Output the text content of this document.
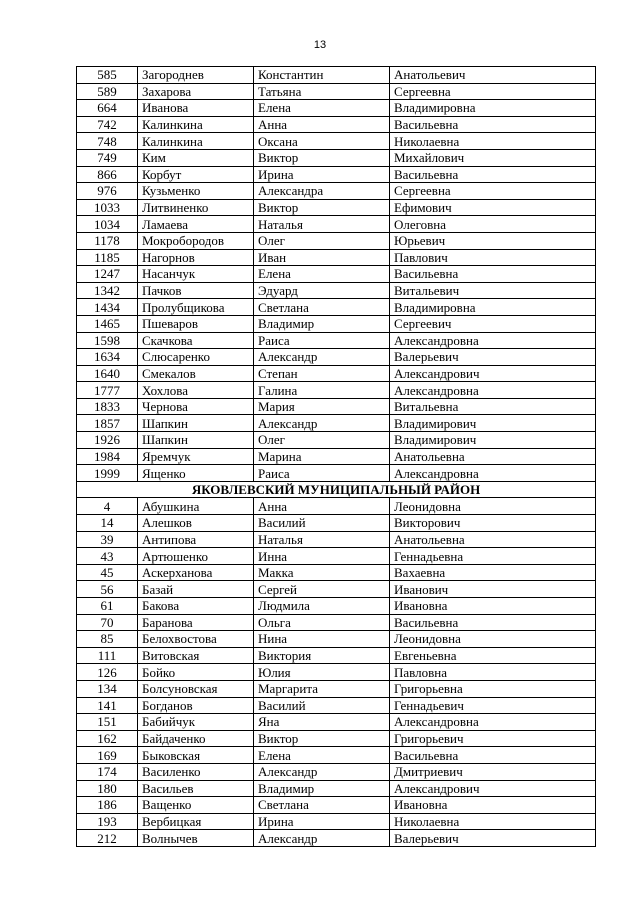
13
585	Загороднев	Константин	Анатольевич
589	Захарова	Татьяна	Сергеевна
664	Иванова	Елена	Владимировна
742	Калинкина	Анна	Васильевна
748	Калинкина	Оксана	Николаевна
749	Ким	Виктор	Михайлович
866	Корбут	Ирина	Васильевна
976	Кузьменко	Александра	Сергеевна
1033	Литвиненко	Виктор	Ефимович
1034	Ламаева	Наталья	Олеговна
1178	Мокробородов	Олег	Юрьевич
1185	Нагорнов	Иван	Павлович
1247	Насанчук	Елена	Васильевна
1342	Пачков	Эдуард	Витальевич
1434	Пролубщикова	Светлана	Владимировна
1465	Пшеваров	Владимир	Сергеевич
1598	Скачкова	Раиса	Александровна
1634	Слюсаренко	Александр	Валерьевич
1640	Смекалов	Степан	Александрович
1777	Хохлова	Галина	Александровна
1833	Чернова	Мария	Витальевна
1857	Шапкин	Александр	Владимирович
1926	Шапкин	Олег	Владимирович
1984	Яремчук	Марина	Анатольевна
1999	Ященко	Раиса	Александровна
ЯКОВЛЕВСКИЙ МУНИЦИПАЛЬНЫЙ РАЙОН			
4	Абушкина	Анна	Леонидовна
14	Алешков	Василий	Викторович
39	Антипова	Наталья	Анатольевна
43	Артюшенко	Инна	Геннадьевна
45	Аскерханова	Макка	Вахаевна
56	Базай	Сергей	Иванович
61	Бакова	Людмила	Ивановна
70	Баранова	Ольга	Васильевна
85	Белохвостова	Нина	Леонидовна
111	Витовская	Виктория	Евгеньевна
126	Бойко	Юлия	Павловна
134	Болсуновская	Маргарита	Григорьевна
141	Богданов	Василий	Геннадьевич
151	Бабийчук	Яна	Александровна
162	Байдаченко	Виктор	Григорьевич
169	Быковская	Елена	Васильевна
174	Василенко	Александр	Дмитриевич
180	Васильев	Владимир	Александрович
186	Ващенко	Светлана	Ивановна
193	Вербицкая	Ирина	Николаевна
212	Волнычев	Александр	Валерьевич
